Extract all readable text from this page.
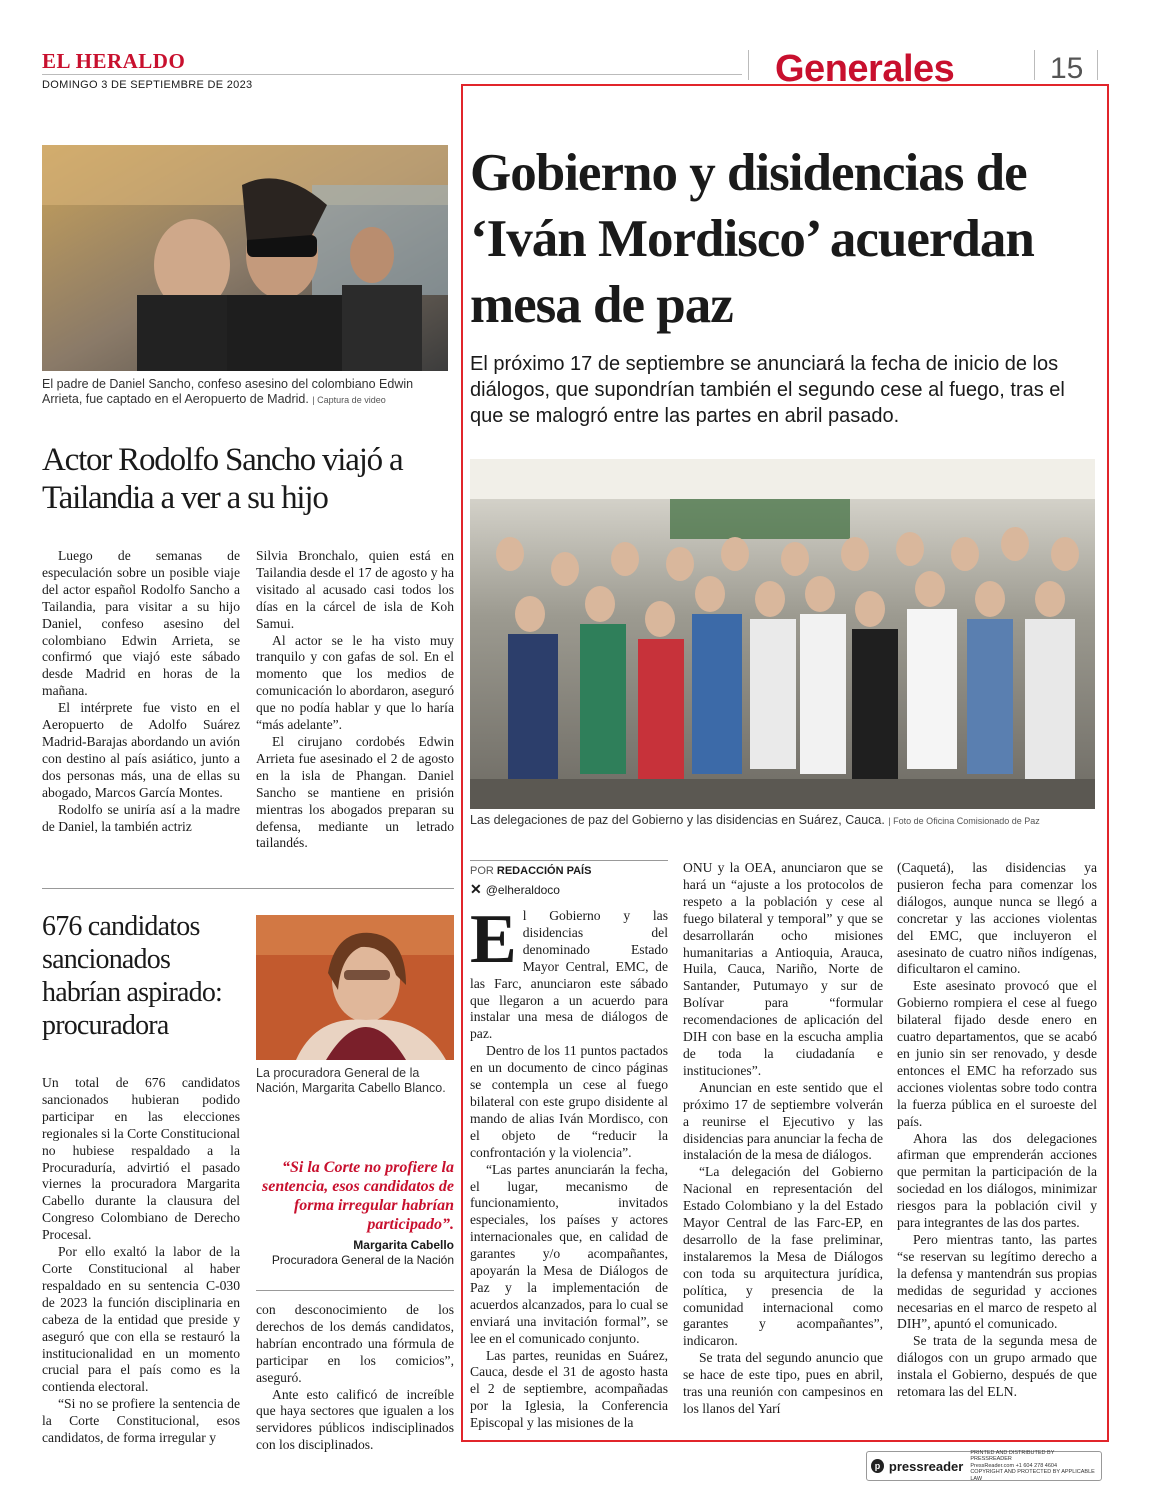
EL HERALDO
DOMINGO 3 DE SEPTIEMBRE DE 2023	Generales	15
El padre de Daniel Sancho, confeso asesino del colombiano Edwin Arrieta, fue captado en el Aeropuerto de Madrid. | Captura de video
Actor Rodolfo Sancho viajó a Tailandia a ver a su hijo

Luego de semanas de especulación sobre un posible viaje del actor español Rodolfo Sancho a Tailandia, para visitar a su hijo Daniel, confeso asesino del colombiano Edwin Arrieta, se confirmó que viajó este sábado desde Madrid en horas de la mañana.

El intérprete fue visto en el Aeropuerto de Adolfo Suárez Madrid-Barajas abordando un avión con destino al país asiático, junto a dos personas más, una de ellas su abogado, Marcos García Montes.

Rodolfo se uniría así a la madre de Daniel, la también actriz

Silvia Bronchalo, quien está en Tailandia desde el 17 de agosto y ha visitado al acusado casi todos los días en la cárcel de isla de Koh Samui.

Al actor se le ha visto muy tranquilo y con gafas de sol. En el momento que los medios de comunicación lo abordaron, aseguró que no podía hablar y que lo haría “más adelante”.

El cirujano cordobés Edwin Arrieta fue asesinado el 2 de agosto en la isla de Phangan. Daniel Sancho se mantiene en prisión mientras los abogados preparan su defensa, mediante un letrado tailandés.

676 candidatos sancionados habrían aspirado: procuradora
La procuradora General de la Nación, Margarita Cabello Blanco.
“Si la Corte no profiere la sentencia, esos candidatos de forma irregular habrían participado”.
Margarita Cabello
Procuradora General de la Nación

Un total de 676 candidatos sancionados hubieran podido participar en las elecciones regionales si la Corte Constitucional no hubiese respaldado a la Procuraduría, advirtió el pasado viernes la procuradora Margarita Cabello durante la clausura del Congreso Colombiano de Derecho Procesal.

Por ello exaltó la labor de la Corte Constitucional al haber respaldado en su sentencia C-030 de 2023 la función disciplinaria en cabeza de la entidad que preside y aseguró que con ella se restauró la institucionalidad en un momento crucial para el país como es la contienda electoral.

“Si no se profiere la sentencia de la Corte Constitucional, esos candidatos, de forma irregular y

con desconocimiento de los derechos de los demás candidatos, habrían encontrado una fórmula de participar en los comicios”, aseguró.

Ante esto calificó de increíble que haya sectores que igualen a los servidores públicos indisciplinados con los disciplinados.

Gobierno y disidencias de ‘Iván Mordisco’ acuerdan mesa de paz
El próximo 17 de septiembre se anunciará la fecha de inicio de los diálogos, que supondrían también el segundo cese al fuego, tras el que se malogró entre las partes en abril pasado.
Las delegaciones de paz del Gobierno y las disidencias en Suárez, Cauca. | Foto de Oficina Comisionado de Paz
POR REDACCIÓN PAÍS
✕ @elheraldoco
E l Gobierno y las disidencias del denominado Estado Mayor Central, EMC, de las Farc, anunciaron este sábado que llegaron a un acuerdo para instalar una mesa de diálogos de paz.

Dentro de los 11 puntos pactados en un documento de cinco páginas se contempla un cese al fuego bilateral con este grupo disidente al mando de alias Iván Mordisco, con el objeto de “reducir la confrontación y la violencia”.

“Las partes anunciarán la fecha, el lugar, mecanismo de funcionamiento, invitados especiales, los países y actores internacionales que, en calidad de garantes y/o acompañantes, apoyarán la Mesa de Diálogos de Paz y la implementación de acuerdos alcanzados, para lo cual se enviará una invitación formal”, se lee en el comunicado conjunto.

Las partes, reunidas en Suárez, Cauca, desde el 31 de agosto hasta el 2 de septiembre, acompañadas por la Iglesia, la Conferencia Episcopal y las misiones de la

ONU y la OEA, anunciaron que se hará un “ajuste a los protocolos de respeto a la población y cese al fuego bilateral y temporal” y que se desarrollarán ocho misiones humanitarias a Antioquia, Arauca, Huila, Cauca, Nariño, Norte de Santander, Putumayo y sur de Bolívar para “formular recomendaciones de aplicación del DIH con base en la escucha amplia de toda la ciudadanía e instituciones”.

Anuncian en este sentido que el próximo 17 de septiembre volverán a reunirse el Ejecutivo y las disidencias para anunciar la fecha de instalación de la mesa de diálogos.

“La delegación del Gobierno Nacional en representación del Estado Colombiano y la del Estado Mayor Central de las Farc-EP, en desarrollo de la fase preliminar, instalaremos la Mesa de Diálogos con toda su arquitectura jurídica, política, y presencia de la comunidad internacional como garantes y acompañantes”, indicaron.

Se trata del segundo anuncio que se hace de este tipo, pues en abril, tras una reunión con campesinos en los llanos del Yarí

(Caquetá), las disidencias ya pusieron fecha para comenzar los diálogos, aunque nunca se llegó a concretar y las acciones violentas del EMC, que incluyeron el asesinato de cuatro niños indígenas, dificultaron el camino.

Este asesinato provocó que el Gobierno rompiera el cese al fuego bilateral fijado desde enero en cuatro departamentos, que se acabó en junio sin ser renovado, y desde entonces el EMC ha reforzado sus acciones violentas sobre todo contra la fuerza pública en el suroeste del país.

Ahora las dos delegaciones afirman que emprenderán acciones que permitan la participación de la sociedad en los diálogos, minimizar riesgos para la población civil y para integrantes de las dos partes.

Pero mientras tanto, las partes “se reservan su legítimo derecho a la defensa y mantendrán sus propias medidas de seguridad y acciones necesarias en el marco de respeto al DIH”, apuntó el comunicado.

Se trata de la segunda mesa de diálogos con un grupo armado que instala el Gobierno, después de que retomara las del ELN.

p pressreader
PRINTED AND DISTRIBUTED BY PRESSREADER
PressReader.com +1 604 278 4604
COPYRIGHT AND PROTECTED BY APPLICABLE LAW
